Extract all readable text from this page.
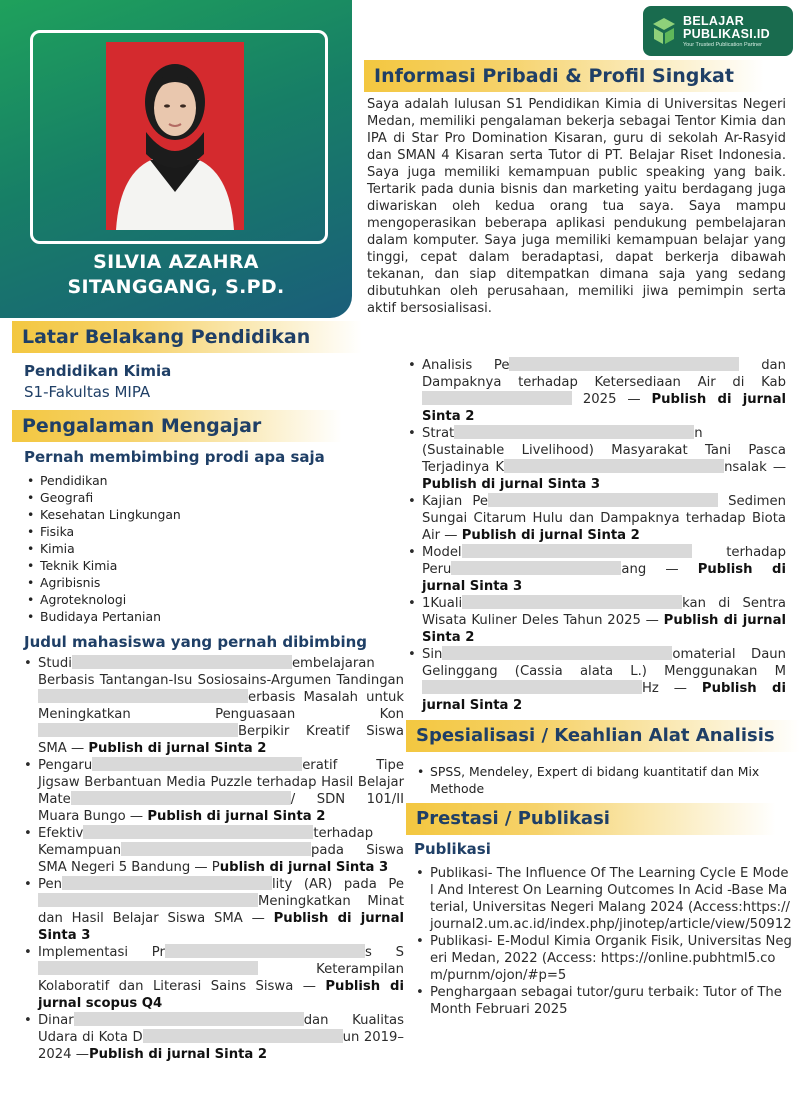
SILVIA AZAHRA
SITANGGANG, S.PD.
BELAJAR
PUBLIKASI.ID
Your Trusted Publication Partner
Informasi Pribadi & Profil Singkat
Saya adalah lulusan S1 Pendidikan Kimia di Universitas Negeri Medan, memiliki pengalaman bekerja sebagai Tentor Kimia dan IPA di Star Pro Domination Kisaran, guru di sekolah Ar-Rasyid dan SMAN 4 Kisaran serta Tutor di PT. Belajar Riset Indonesia. Saya juga memiliki kemampuan public speaking yang baik. Tertarik pada dunia bisnis dan marketing yaitu berdagang juga diwariskan oleh kedua orang tua saya. Saya mampu mengoperasikan beberapa aplikasi pendukung pembelajaran dalam komputer. Saya juga memiliki kemampuan belajar yang tinggi, cepat dalam beradaptasi, dapat berkerja dibawah tekanan, dan siap ditempatkan dimana saja yang sedang dibutuhkan oleh perusahaan, memiliki jiwa pemimpin serta aktif bersosialisasi.
Latar Belakang Pendidikan
Pendidikan Kimia
S1-Fakultas MIPA
Pengalaman Mengajar
Pernah membimbing prodi apa saja
• Pendidikan
• Geografi
• Kesehatan Lingkungan
• Fisika
• Kimia
• Teknik Kimia
• Agribisnis
• Agroteknologi
• Budidaya Pertanian
Judul mahasiswa yang pernah dibimbing
• Studi	embelajaran Berbasis Tantangan-Isu Sosiosains-Argumen Tandingan erbasis Masalah untuk Meningkatkan Penguasaan KonBerpikir Kreatif Siswa SMA — Publish di jurnal Sinta 2
• Pengaru	eratif Tipe Jigsaw Berbantuan Media Puzzle terhadap Hasil Belajar Mate	/ SDN 101/II Muara Bungo — Publish di jurnal Sinta 2
• Efektiv	terhadap Kemampuan	pada Siswa SMA Negeri 5 Bandung — Publish di jurnal Sinta 3
• Pen	lity (AR) pada PeMeningkatkan Minat dan Hasil Belajar Siswa SMA — Publish di jurnal Sinta 3
• Implementasi Pr	s S Keterampilan Kolaboratif dan Literasi Sains Siswa — Publish di jurnal scopus Q4
• Dinar	dan Kualitas Udara di Kota D	un 2019–2024 —Publish di jurnal Sinta 2
• Analisis Pe	dan Dampaknya terhadap Ketersediaan Air di Kab 2025 — Publish di jurnal Sinta 2
• Strat	n (Sustainable Livelihood) Masyarakat Tani Pasca Terjadinya K	nsalak — Publish di jurnal Sinta 3
• Kajian Pe	Sedimen Sungai Citarum Hulu dan Dampaknya terhadap Biota Air — Publish di jurnal Sinta 2
• Model	terhadap Peru	ang — Publish di jurnal Sinta 3
• 1Kuali	kan di Sentra Wisata Kuliner Deles Tahun 2025 — Publish di jurnal Sinta 2
• Sin	omaterial Daun Gelinggang (Cassia alata L.) Menggunakan MHz — Publish di jurnal Sinta 2
Spesialisasi / Keahlian Alat Analisis
• SPSS, Mendeley, Expert di bidang kuantitatif dan Mix Methode
Prestasi / Publikasi
Publikasi
• Publikasi- The Influence Of The Learning Cycle E Model And Interest On Learning Outcomes In Acid -Base Material, Universitas Negeri Malang 2024 (Access:https://journal2.um.ac.id/index.php/jinotep/article/view/50912
• Publikasi- E-Modul Kimia Organik Fisik, Universitas Negeri Medan, 2022 (Access: https://online.pubhtml5.com/purnm/ojon/#p=5
• Penghargaan sebagai tutor/guru terbaik: Tutor of The Month Februari 2025
